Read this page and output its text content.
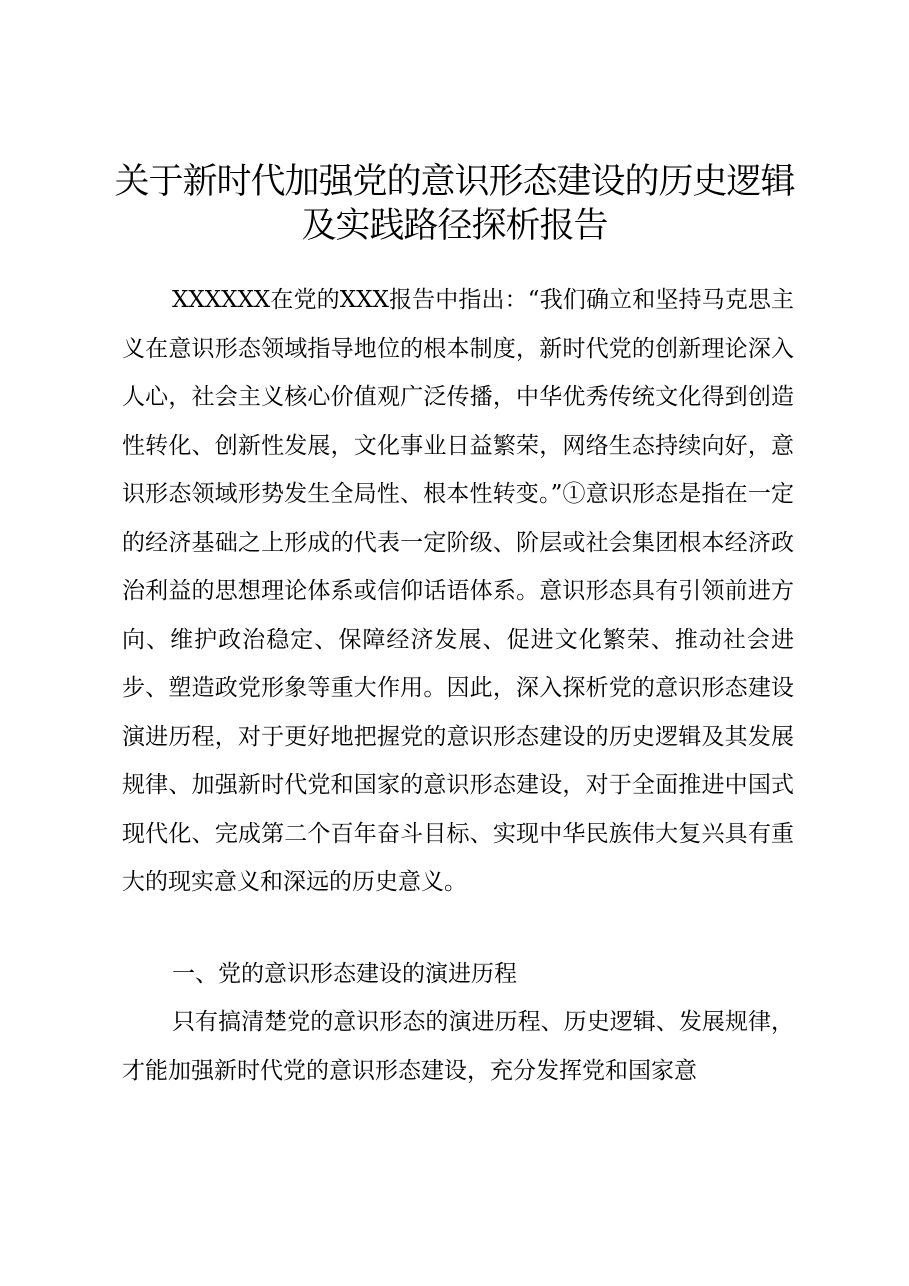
关于新时代加强党的意识形态建设的历史逻辑
及实践路径探析报告

XXXXXX在党的XXX报告中指出：“我们确立和坚持马克思主义在意识形态领域指导地位的根本制度，新时代党的创新理论深入人心，社会主义核心价值观广泛传播，中华优秀传统文化得到创造性转化、创新性发展，文化事业日益繁荣，网络生态持续向好，意识形态领域形势发生全局性、根本性转变。”①意识形态是指在一定的经济基础之上形成的代表一定阶级、阶层或社会集团根本经济政治利益的思想理论体系或信仰话语体系。意识形态具有引领前进方向、维护政治稳定、保障经济发展、促进文化繁荣、推动社会进步、塑造政党形象等重大作用。因此，深入探析党的意识形态建设演进历程，对于更好地把握党的意识形态建设的历史逻辑及其发展规律、加强新时代党和国家的意识形态建设，对于全面推进中国式现代化、完成第二个百年奋斗目标、实现中华民族伟大复兴具有重大的现实意义和深远的历史意义。

一、党的意识形态建设的演进历程

只有搞清楚党的意识形态的演进历程、历史逻辑、发展规律，才能加强新时代党的意识形态建设，充分发挥党和国家意
